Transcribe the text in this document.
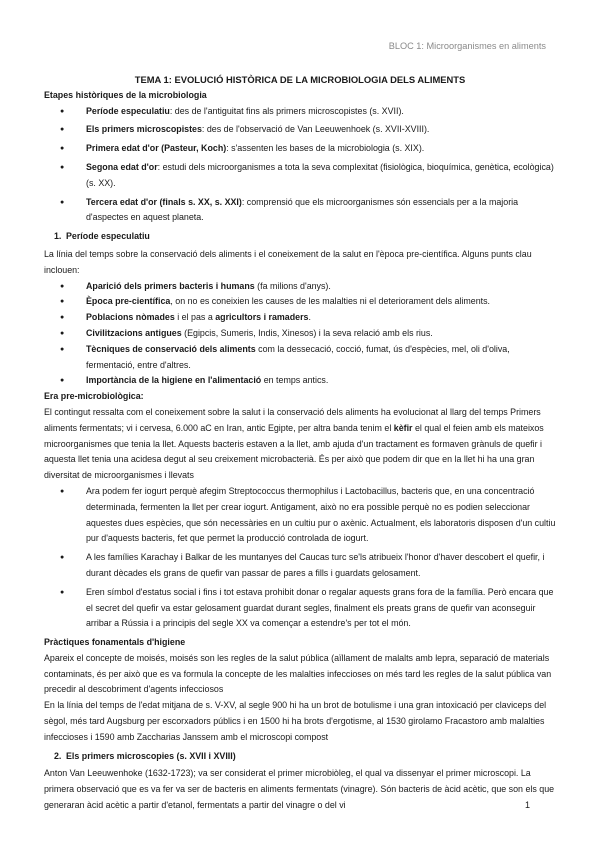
BLOC 1: Microorganismes en aliments

TEMA 1: EVOLUCIÓ HISTÒRICA DE LA MICROBIOLOGIA DELS ALIMENTS

Etapes històriques de la microbiologia

● Període especulatiu: des de l'antiguitat fins als primers microscopistes (s. XVII).
● Els primers microscopistes: des de l'observació de Van Leeuwenhoek (s. XVII-XVIII).
● Primera edat d'or (Pasteur, Koch): s'assenten les bases de la microbiologia (s. XIX).
● Segona edat d'or: estudi dels microorganismes a tota la seva complexitat (fisiològica, bioquímica, genètica, ecològica) (s. XX).
● Tercera edat d'or (finals s. XX, s. XXI): comprensió que els microorganismes són essencials per a la majoria d'aspectes en aquest planeta.
1. Període especulatiu

La línia del temps sobre la conservació dels aliments i el coneixement de la salut en l'època pre-científica. Alguns punts clau inclouen:

● Aparició dels primers bacteris i humans (fa milions d'anys).
● Època pre-científica, on no es coneixien les causes de les malalties ni el deteriorament dels aliments.
● Poblacions nòmades i el pas a agricultors i ramaders.
● Civilitzacions antigues (Egipcis, Sumeris, Indis, Xinesos) i la seva relació amb els rius.
● Tècniques de conservació dels aliments com la dessecació, cocció, fumat, ús d'espècies, mel, oli d'oliva, fermentació, entre d'altres.
● Importància de la higiene en l'alimentació en temps antics.

Era pre-microbiològica:

El contingut ressalta com el coneixement sobre la salut i la conservació dels aliments ha evolucionat al llarg del temps Primers aliments fermentats; vi i cervesa, 6.000 aC en Iran, antic Egipte, per altra banda tenim el kèfir el qual el feien amb els mateixos microorganismes que tenia la llet. Aquests bacteris estaven a la llet, amb ajuda d'un tractament es formaven grànuls de quefir i aquesta llet tenia una acidesa degut al seu creixement microbacterià. És per això que podem dir que en la llet hi ha una gran diversitat de microorganismes i llevats

● Ara podem fer iogurt perquè afegim Streptococcus thermophilus i Lactobacillus, bacteris que, en una concentració determinada, fermenten la llet per crear iogurt. Antigament, això no era possible perquè no es podien seleccionar aquestes dues espècies, que són necessàries en un cultiu pur o axènic. Actualment, els laboratoris disposen d'un cultiu pur d'aquests bacteris, fet que permet la producció controlada de iogurt.
● A les famílies Karachay i Balkar de les muntanyes del Caucas turc se'ls atribueix l'honor d'haver descobert el quefir, i durant dècades els grans de quefir van passar de pares a fills i guardats gelosament.
● Eren símbol d'estatus social i fins i tot estava prohibit donar o regalar aquests grans fora de la família. Però encara que el secret del quefir va estar gelosament guardat durant segles, finalment els preats grans de quefir van aconseguir arribar a Rússia i a principis del segle XX va començar a estendre's per tot el món.

Pràctiques fonamentals d'higiene

Apareix el concepte de moisés, moisés son les regles de la salut pública (aïllament de malalts amb lepra, separació de materials contaminats, és per això que es va formula la concepte de les malalties infeccioses on més tard les regles de la salut pública van precedir al descobriment d'agents infecciosos

En la línia del temps de l'edat mitjana de s. V-XV, al segle 900 hi ha un brot de botulisme i una gran intoxicació per claviceps del sègol, més tard Augsburg per escorxadors públics i en 1500 hi ha brots d'ergotisme, al 1530 girolamo Fracastoro amb malalties infeccioses i 1590 amb Zaccharias Janssem amb el microscopi compost

2. Els primers microscopies (s. XVII i XVIII)

Anton Van Leeuwenhoke (1632-1723); va ser considerat el primer microbiòleg, el qual va dissenyar el primer microscopi. La primera observació que es va fer va ser de bacteris en aliments fermentats (vinagre). Són bacteris de àcid acètic, que son els que generaran àcid acètic a partir d'etanol, fermentats a partir del vinagre o del vi	1
